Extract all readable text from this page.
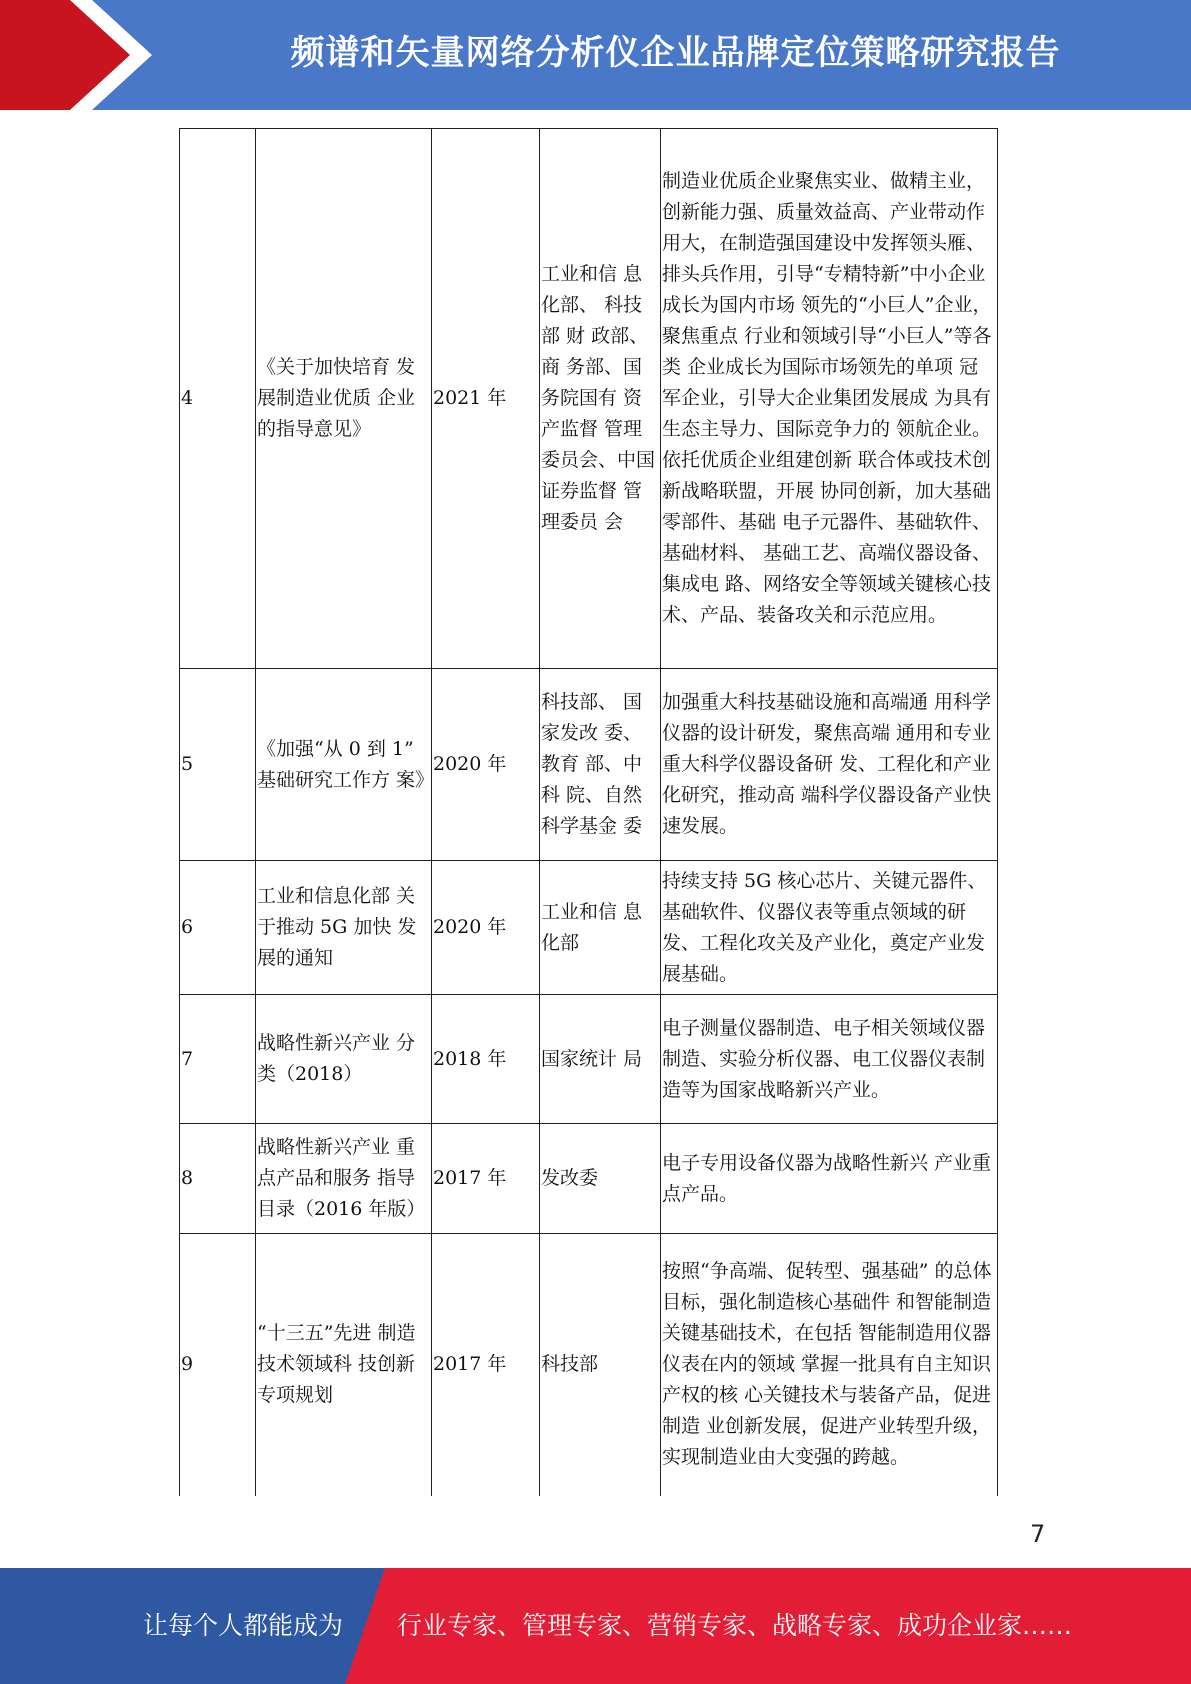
频谱和矢量网络分析仪企业品牌定位策略研究报告
4	《关于加快培育 发展制造业优质 企业的指导意见》	2021 年	工业和信 息化部、 科技部 财 政部、商 务部、国 务院国有 资产监督 管理委员会、中国 证券监督 管理委员 会	制造业优质企业聚焦实业、做精主业，创新能力强、质量效益高、产业带动作用大，在制造强国建设中发挥领头雁、排头兵作用，引导“专精特新”中小企业成长为国内市场 领先的“小巨人”企业，聚焦重点 行业和领域引导“小巨人”等各类 企业成长为国际市场领先的单项 冠军企业，引导大企业集团发展成 为具有生态主导力、国际竞争力的 领航企业。依托优质企业组建创新 联合体或技术创新战略联盟，开展 协同创新，加大基础零部件、基础 电子元器件、基础软件、基础材料、 基础工艺、高端仪器设备、集成电 路、网络安全等领域关键核心技 术、产品、装备攻关和示范应用。
5	《加强“从 0 到 1” 基础研究工作方 案》	2020 年	科技部、 国家发改 委、教育 部、中科 院、自然 科学基金 委	加强重大科技基础设施和高端通 用科学仪器的设计研发，聚焦高端 通用和专业重大科学仪器设备研 发、工程化和产业化研究，推动高 端科学仪器设备产业快速发展。
6	工业和信息化部 关于推动 5G 加快 发展的通知	2020 年	工业和信 息化部	持续支持 5G 核心芯片、关键元器件、基础软件、仪器仪表等重点领域的研发、工程化攻关及产业化，奠定产业发展基础。
7	战略性新兴产业 分类（2018）	2018 年	国家统计 局	电子测量仪器制造、电子相关领域仪器制造、实验分析仪器、电工仪器仪表制造等为国家战略新兴产业。
8	战略性新兴产业 重点产品和服务 指导目录（2016 年版）	2017 年	发改委	电子专用设备仪器为战略性新兴 产业重点产品。
9	“十三五”先进 制造技术领域科 技创新专项规划	2017 年	科技部	按照“争高端、促转型、强基础” 的总体目标，强化制造核心基础件 和智能制造关键基础技术，在包括 智能制造用仪器仪表在内的领域 掌握一批具有自主知识产权的核 心关键技术与装备产品，促进制造 业创新发展，促进产业转型升级， 实现制造业由大变强的跨越。
7
让每个人都能成为 行业专家、管理专家、营销专家、战略专家、成功企业家……
